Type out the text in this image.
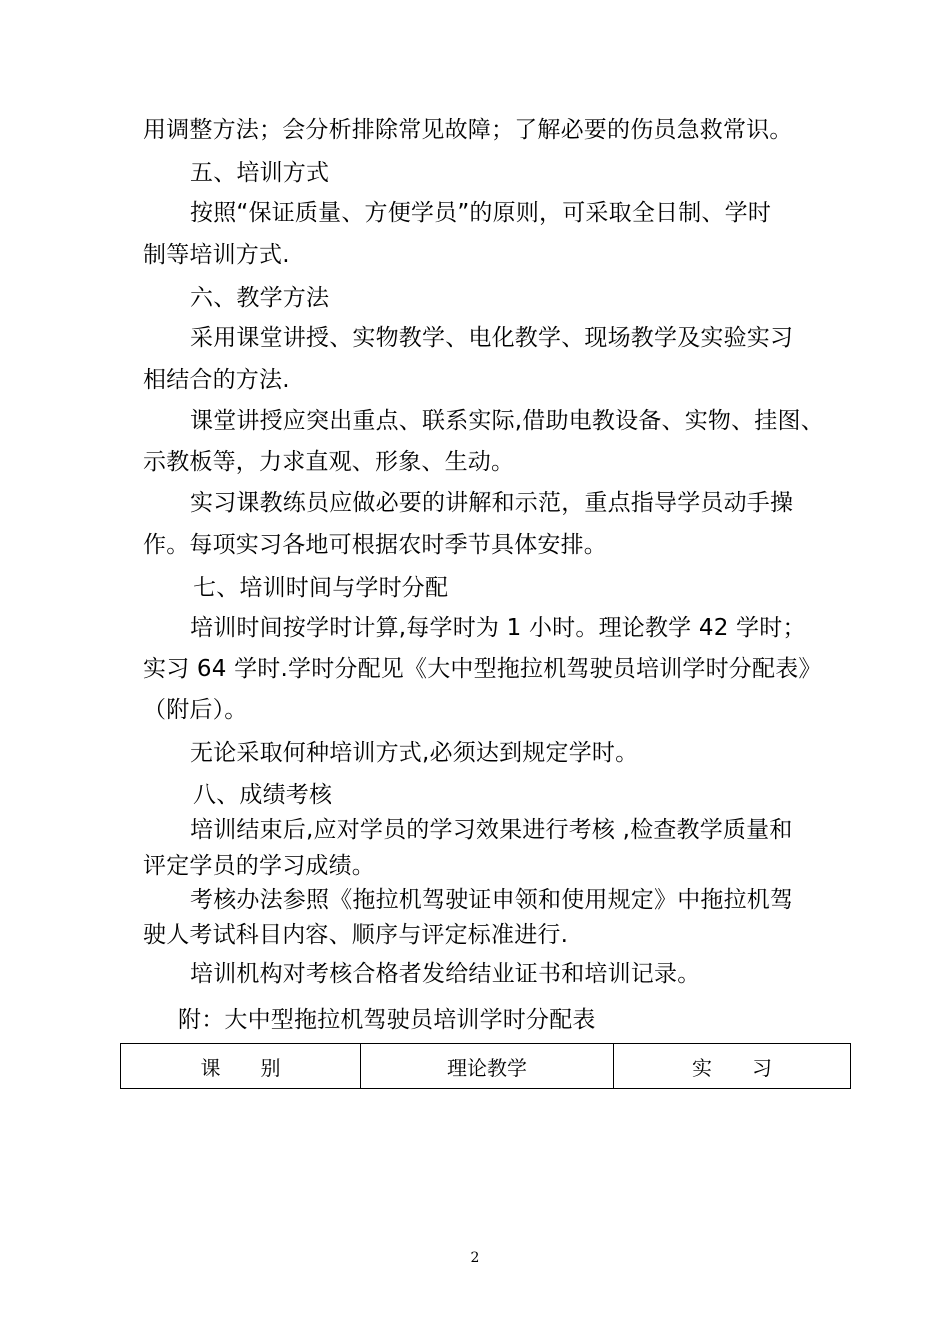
用调整方法；会分析排除常见故障；了解必要的伤员急救常识。
五、培训方式
按照“保证质量、方便学员”的原则，可采取全日制、学时
制等培训方式.
六、教学方法
采用课堂讲授、实物教学、电化教学、现场教学及实验实习
相结合的方法.
课堂讲授应突出重点、联系实际,借助电教设备、实物、挂图、
示教板等，力求直观、形象、生动。
实习课教练员应做必要的讲解和示范，重点指导学员动手操
作。每项实习各地可根据农时季节具体安排。
七、培训时间与学时分配
培训时间按学时计算,每学时为 1 小时。理论教学 42 学时；
实习 64 学时.学时分配见《大中型拖拉机驾驶员培训学时分配表》
（附后）。
无论采取何种培训方式,必须达到规定学时。
八、成绩考核
培训结束后,应对学员的学习效果进行考核 ,检查教学质量和
评定学员的学习成绩。
考核办法参照《拖拉机驾驶证申领和使用规定》中拖拉机驾
驶人考试科目内容、顺序与评定标准进行.
培训机构对考核合格者发给结业证书和培训记录。
附：大中型拖拉机驾驶员培训学时分配表
课　　别	理论教学	实　　习
2
